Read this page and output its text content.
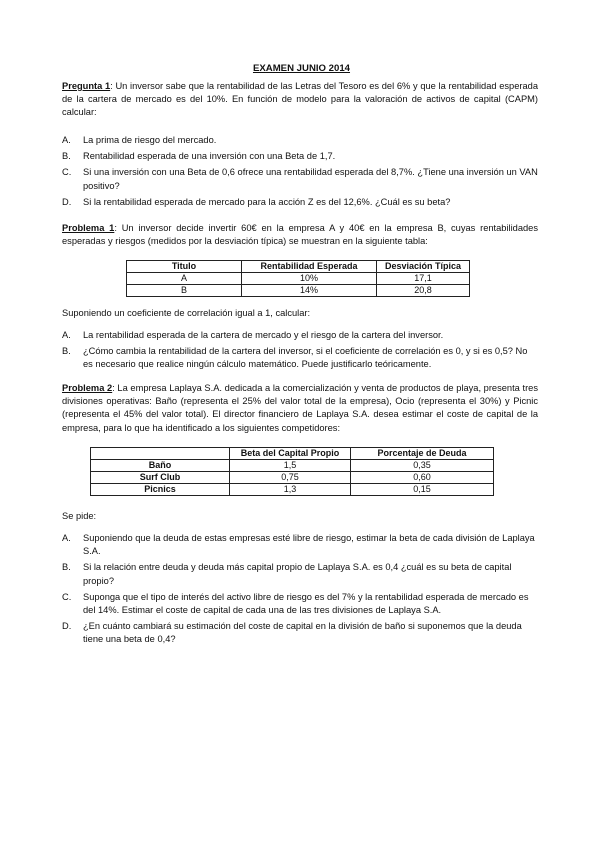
EXAMEN JUNIO 2014

Pregunta 1: Un inversor sabe que la rentabilidad de las Letras del Tesoro es del 6% y que la rentabilidad esperada de la cartera de mercado es del 10%. En función de modelo para la valoración de activos de capital (CAPM) calcular:

A. La prima de riesgo del mercado.
B. Rentabilidad esperada de una inversión con una Beta de 1,7.
C. Si una inversión con una Beta de 0,6 ofrece una rentabilidad esperada del 8,7%. ¿Tiene una inversión un VAN positivo?
D. Si la rentabilidad esperada de mercado para la acción Z es del 12,6%. ¿Cuál es su beta?

Problema 1: Un inversor decide invertir 60€ en la empresa A y 40€ en la empresa B, cuyas rentabilidades esperadas y riesgos (medidos por la desviación típica) se muestran en la siguiente tabla:

Titulo	Rentabilidad Esperada	Desviación Típica
A	10%	17,1
B	14%	20,8

Suponiendo un coeficiente de correlación igual a 1, calcular:

A. La rentabilidad esperada de la cartera de mercado y el riesgo de la cartera del inversor.
B. ¿Cómo cambia la rentabilidad de la cartera del inversor, si el coeficiente de correlación es 0, y si es 0,5? No es necesario que realice ningún cálculo matemático. Puede justificarlo teóricamente.

Problema 2: La empresa Laplaya S.A. dedicada a la comercialización y venta de productos de playa, presenta tres divisiones operativas: Baño (representa el 25% del valor total de la empresa), Ocio (representa el 30%) y Picnic (representa el 45% del valor total). El director financiero de Laplaya S.A. desea estimar el coste de capital de la empresa, para lo que ha identificado a los siguientes competidores:

	Beta del Capital Propio	Porcentaje de Deuda
Baño	1,5	0,35
Surf Club	0,75	0,60
Picnics	1,3	0,15

Se pide:

A. Suponiendo que la deuda de estas empresas esté libre de riesgo, estimar la beta de cada división de Laplaya S.A.
B. Si la relación entre deuda y deuda más capital propio de Laplaya S.A. es 0,4 ¿cuál es su beta de capital propio?
C. Suponga que el tipo de interés del activo libre de riesgo es del 7% y la rentabilidad esperada de mercado es del 14%. Estimar el coste de capital de cada una de las tres divisiones de Laplaya S.A.
D. ¿En cuánto cambiará su estimación del coste de capital en la división de baño si suponemos que la deuda tiene una beta de 0,4?
